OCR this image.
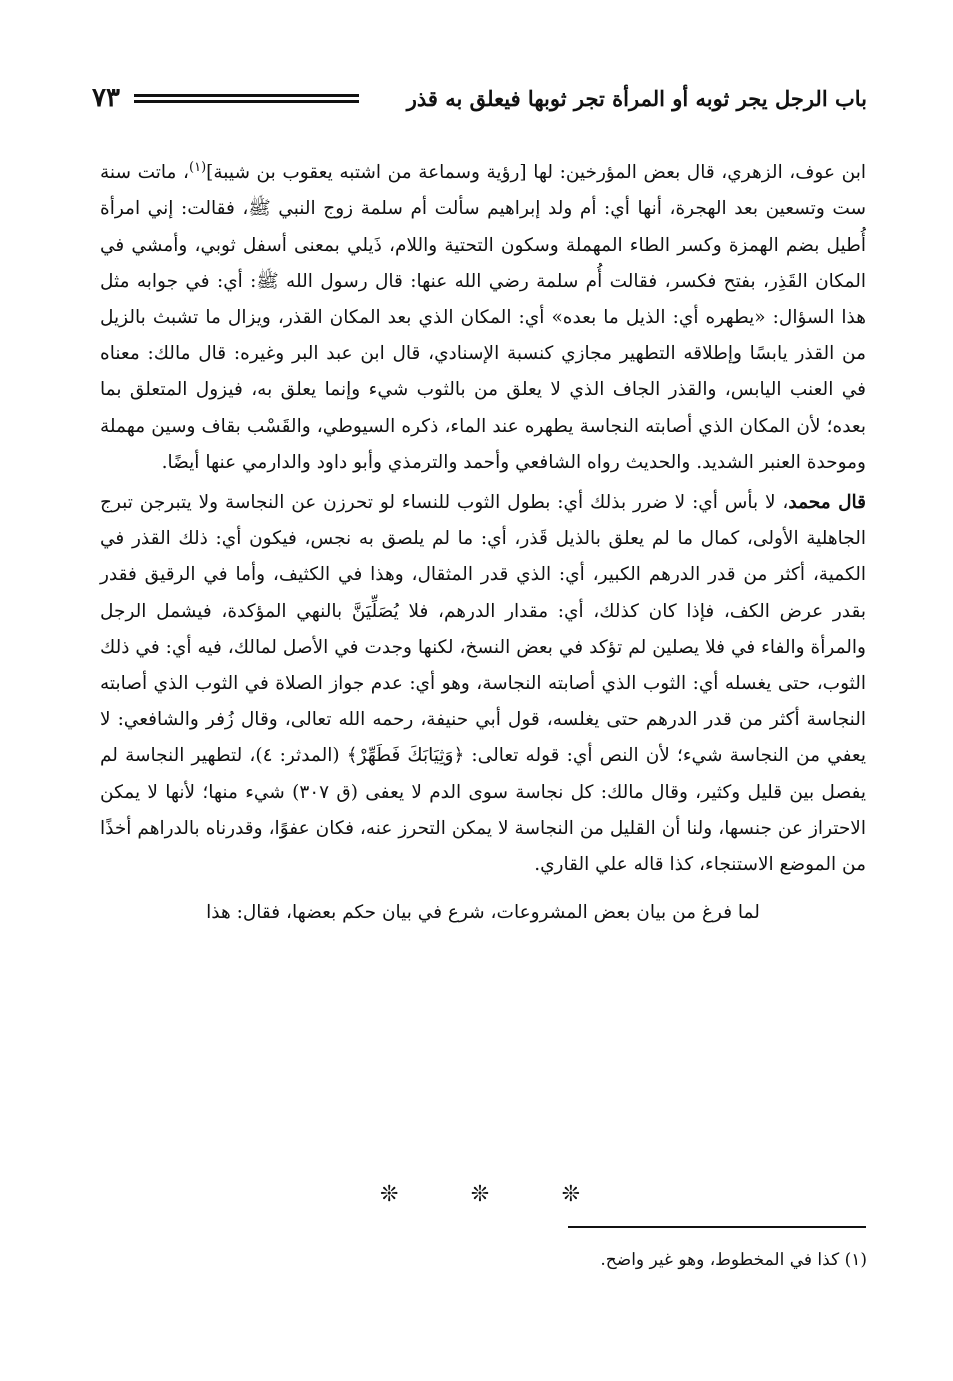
٧٣	باب الرجل يجر ثوبه أو المرأة تجر ثوبها فيعلق به قذر

ابن عوف، الزهري، قال بعض المؤرخين: لها [رؤية وسماعة من اشتبه يعقوب بن شيبة]$^{(١)}$، ماتت سنة ست وتسعين بعد الهجرة، أنها أي: أم ولد إبراهيم سألت أم سلمة زوج النبي ﷺ، فقالت: إني امرأة أُطيل بضم الهمزة وكسر الطاء المهملة وسكون التحتية واللام، ذَيلي بمعنى أسفل ثوبي، وأمشي في المكان القَذِر، بفتح فكسر، فقالت أُم سلمة رضي الله عنها: قال رسول الله ﷺ: أي: في جوابه مثل هذا السؤال: «يطهره أي: الذيل ما بعده» أي: المكان الذي بعد المكان القذر، ويزال ما تشبث بالزيل من القذر يابسًا وإطلاقه التطهير مجازي كنسبة الإسنادي، قال ابن عبد البر وغيره: قال مالك: معناه في العنب اليابس، والقذر الجاف الذي لا يعلق من بالثوب شيء وإنما يعلق به، فيزول المتعلق بما بعده؛ لأن المكان الذي أصابته النجاسة يطهره عند الماء، ذكره السيوطي، والقَسْب بقاف وسين مهملة وموحدة العنبر الشديد. والحديث رواه الشافعي وأحمد والترمذي وأبو داود والدارمي عنها أيضًا.

قال محمد، لا بأس أي: لا ضرر بذلك أي: بطول الثوب للنساء لو تحرزن عن النجاسة ولا يتبرجن تبرج الجاهلية الأولى، كمال ما لم يعلق بالذيل قَذر، أي: ما لم يلصق به نجس، فيكون أي: ذلك القذر في الكمية، أكثر من قدر الدرهم الكبير، أي: الذي قدر المثقال، وهذا في الكثيف، وأما في الرقيق فقدر بقدر عرض الكف، فإذا كان كذلك، أي: مقدار الدرهم، فلا يُصَلِّيَنَّ بالنهي المؤكدة، فيشمل الرجل والمرأة والفاء في فلا يصلين لم تؤكد في بعض النسخ، لكنها وجدت في الأصل لمالك، فيه أي: في ذلك الثوب، حتى يغسله أي: الثوب الذي أصابته النجاسة، وهو أي: عدم جواز الصلاة في الثوب الذي أصابته النجاسة أكثر من قدر الدرهم حتى يغلسه، قول أبي حنيفة، رحمه الله تعالى، وقال زُفر والشافعي: لا يعفي من النجاسة شيء؛ لأن النص أي: قوله تعالى: ﴿وَثِيَابَكَ فَطَهِّرْ﴾ (المدثر: ٤)، لتطهير النجاسة لم يفصل بين قليل وكثير، وقال مالك: كل نجاسة سوى الدم لا يعفى (ق ٣٠٧) شيء منها؛ لأنها لا يمكن الاحتراز عن جنسها، ولنا أن القليل من النجاسة لا يمكن التحرز عنه، فكان عفوًا، وقدرناه بالدراهم أخذًا من الموضع الاستنجاء، كذا قاله علي القاري.

لما فرغ من بيان بعض المشروعات، شرع في بيان حكم بعضها، فقال: هذا

❊	❊	❊
(١) كذا في المخطوط، وهو غير واضح.
